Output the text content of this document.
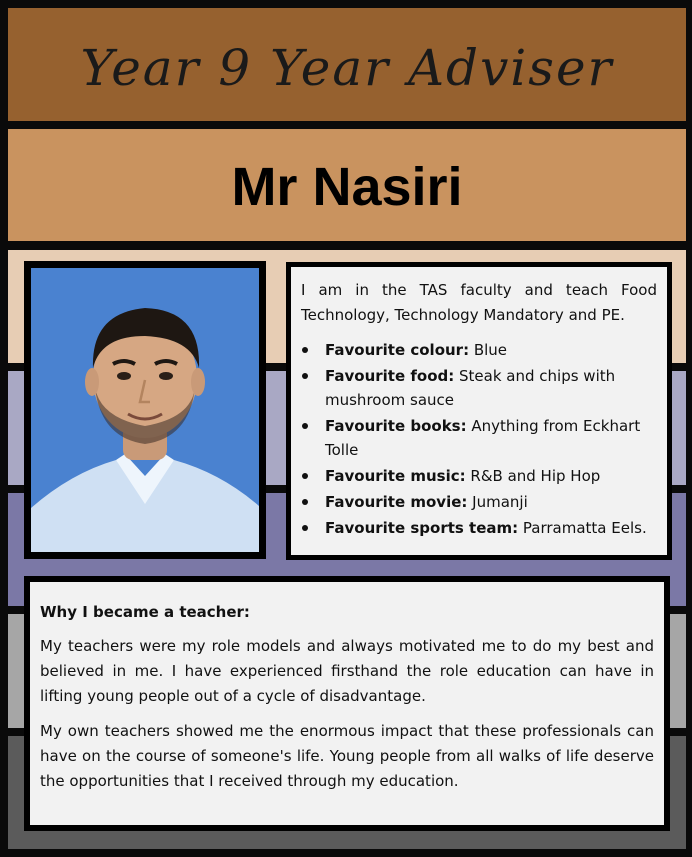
Year 9 Year Adviser
Mr Nasiri

I am in the TAS faculty and teach Food Technology, Technology Mandatory and PE.

Favourite colour: Blue
Favourite food: Steak and chips with mushroom sauce
Favourite books: Anything from Eckhart Tolle
Favourite music: R&B and Hip Hop
Favourite movie: Jumanji
Favourite sports team: Parramatta Eels.

Why I became a teacher:

My teachers were my role models and always motivated me to do my best and believed in me. I have experienced firsthand the role education can have in lifting young people out of a cycle of disadvantage.

My own teachers showed me the enormous impact that these professionals can have on the course of someone's life. Young people from all walks of life deserve the opportunities that I received through my education.
